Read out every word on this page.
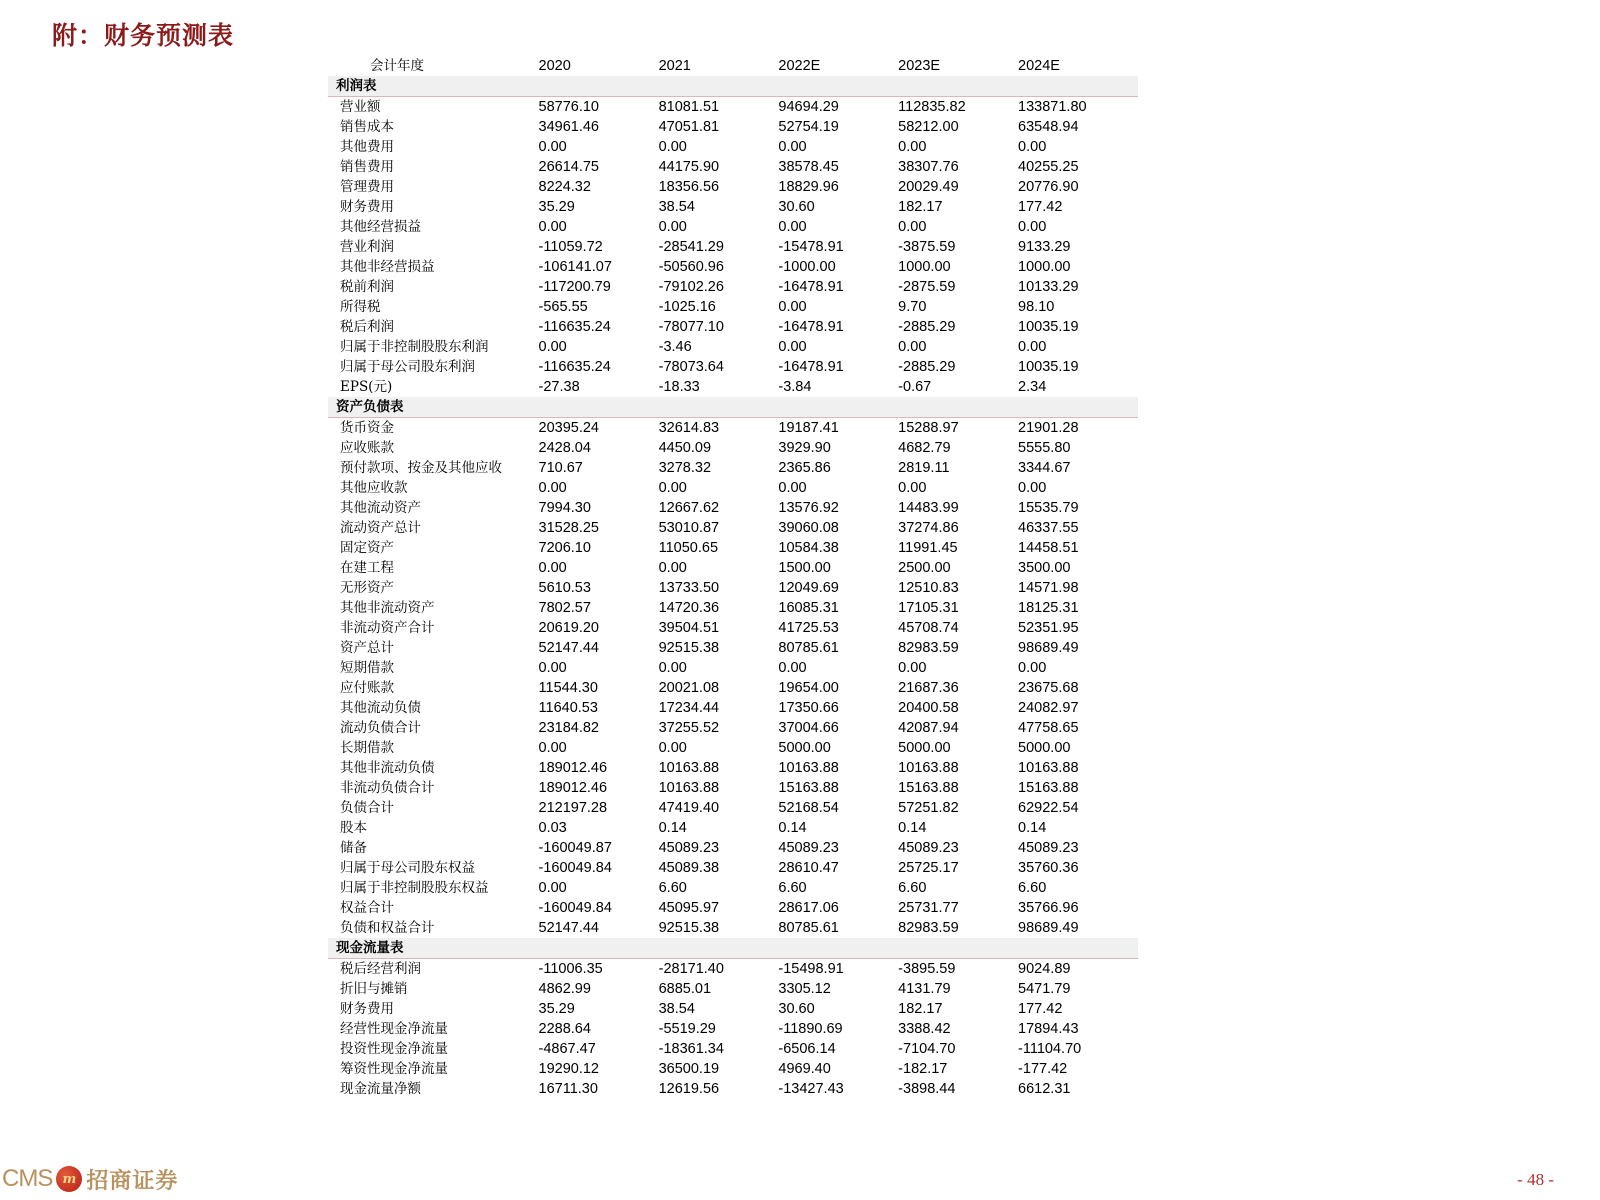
附：财务预测表
会计年度	2020	2021	2022E	2023E	2024E
利润表					
营业额	58776.10	81081.51	94694.29	112835.82	133871.80
销售成本	34961.46	47051.81	52754.19	58212.00	63548.94
其他费用	0.00	0.00	0.00	0.00	0.00
销售费用	26614.75	44175.90	38578.45	38307.76	40255.25
管理费用	8224.32	18356.56	18829.96	20029.49	20776.90
财务费用	35.29	38.54	30.60	182.17	177.42
其他经营损益	0.00	0.00	0.00	0.00	0.00
营业利润	-11059.72	-28541.29	-15478.91	-3875.59	9133.29
其他非经营损益	-106141.07	-50560.96	-1000.00	1000.00	1000.00
税前利润	-117200.79	-79102.26	-16478.91	-2875.59	10133.29
所得税	-565.55	-1025.16	0.00	9.70	98.10
税后利润	-116635.24	-78077.10	-16478.91	-2885.29	10035.19
归属于非控制股股东利润	0.00	-3.46	0.00	0.00	0.00
归属于母公司股东利润	-116635.24	-78073.64	-16478.91	-2885.29	10035.19
EPS(元)	-27.38	-18.33	-3.84	-0.67	2.34
资产负债表					
货币资金	20395.24	32614.83	19187.41	15288.97	21901.28
应收账款	2428.04	4450.09	3929.90	4682.79	5555.80
预付款项、按金及其他应收	710.67	3278.32	2365.86	2819.11	3344.67
其他应收款	0.00	0.00	0.00	0.00	0.00
其他流动资产	7994.30	12667.62	13576.92	14483.99	15535.79
流动资产总计	31528.25	53010.87	39060.08	37274.86	46337.55
固定资产	7206.10	11050.65	10584.38	11991.45	14458.51
在建工程	0.00	0.00	1500.00	2500.00	3500.00
无形资产	5610.53	13733.50	12049.69	12510.83	14571.98
其他非流动资产	7802.57	14720.36	16085.31	17105.31	18125.31
非流动资产合计	20619.20	39504.51	41725.53	45708.74	52351.95
资产总计	52147.44	92515.38	80785.61	82983.59	98689.49
短期借款	0.00	0.00	0.00	0.00	0.00
应付账款	11544.30	20021.08	19654.00	21687.36	23675.68
其他流动负债	11640.53	17234.44	17350.66	20400.58	24082.97
流动负债合计	23184.82	37255.52	37004.66	42087.94	47758.65
长期借款	0.00	0.00	5000.00	5000.00	5000.00
其他非流动负债	189012.46	10163.88	10163.88	10163.88	10163.88
非流动负债合计	189012.46	10163.88	15163.88	15163.88	15163.88
负债合计	212197.28	47419.40	52168.54	57251.82	62922.54
股本	0.03	0.14	0.14	0.14	0.14
储备	-160049.87	45089.23	45089.23	45089.23	45089.23
归属于母公司股东权益	-160049.84	45089.38	28610.47	25725.17	35760.36
归属于非控制股股东权益	0.00	6.60	6.60	6.60	6.60
权益合计	-160049.84	45095.97	28617.06	25731.77	35766.96
负债和权益合计	52147.44	92515.38	80785.61	82983.59	98689.49
现金流量表					
税后经营利润	-11006.35	-28171.40	-15498.91	-3895.59	9024.89
折旧与摊销	4862.99	6885.01	3305.12	4131.79	5471.79
财务费用	35.29	38.54	30.60	182.17	177.42
经营性现金净流量	2288.64	-5519.29	-11890.69	3388.42	17894.43
投资性现金净流量	-4867.47	-18361.34	-6506.14	-7104.70	-11104.70
筹资性现金净流量	19290.12	36500.19	4969.40	-182.17	-177.42
现金流量净额	16711.30	12619.56	-13427.43	-3898.44	6612.31
CMS m 招商证券	- 48 -
